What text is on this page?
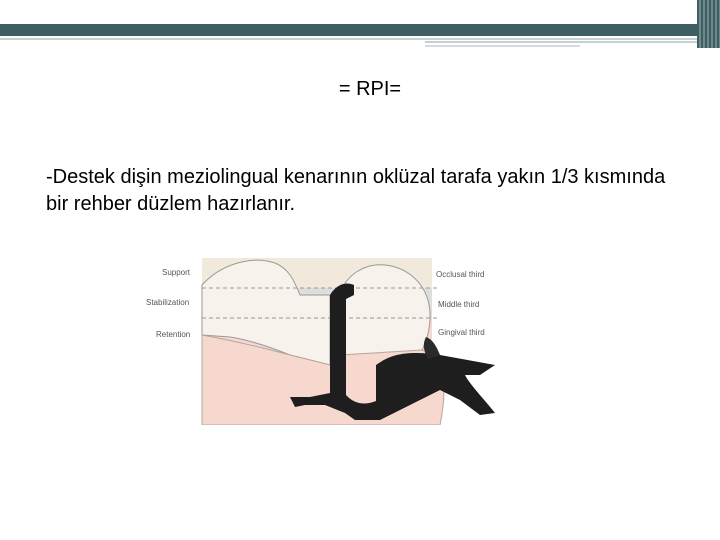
= RPI=
-Destek dişin meziolingual kenarının oklüzal tarafa yakın 1/3 kısmında bir rehber düzlem hazırlanır.
Support
Stabilization
Retention
Occlusal third
Middle third
Gingival third
